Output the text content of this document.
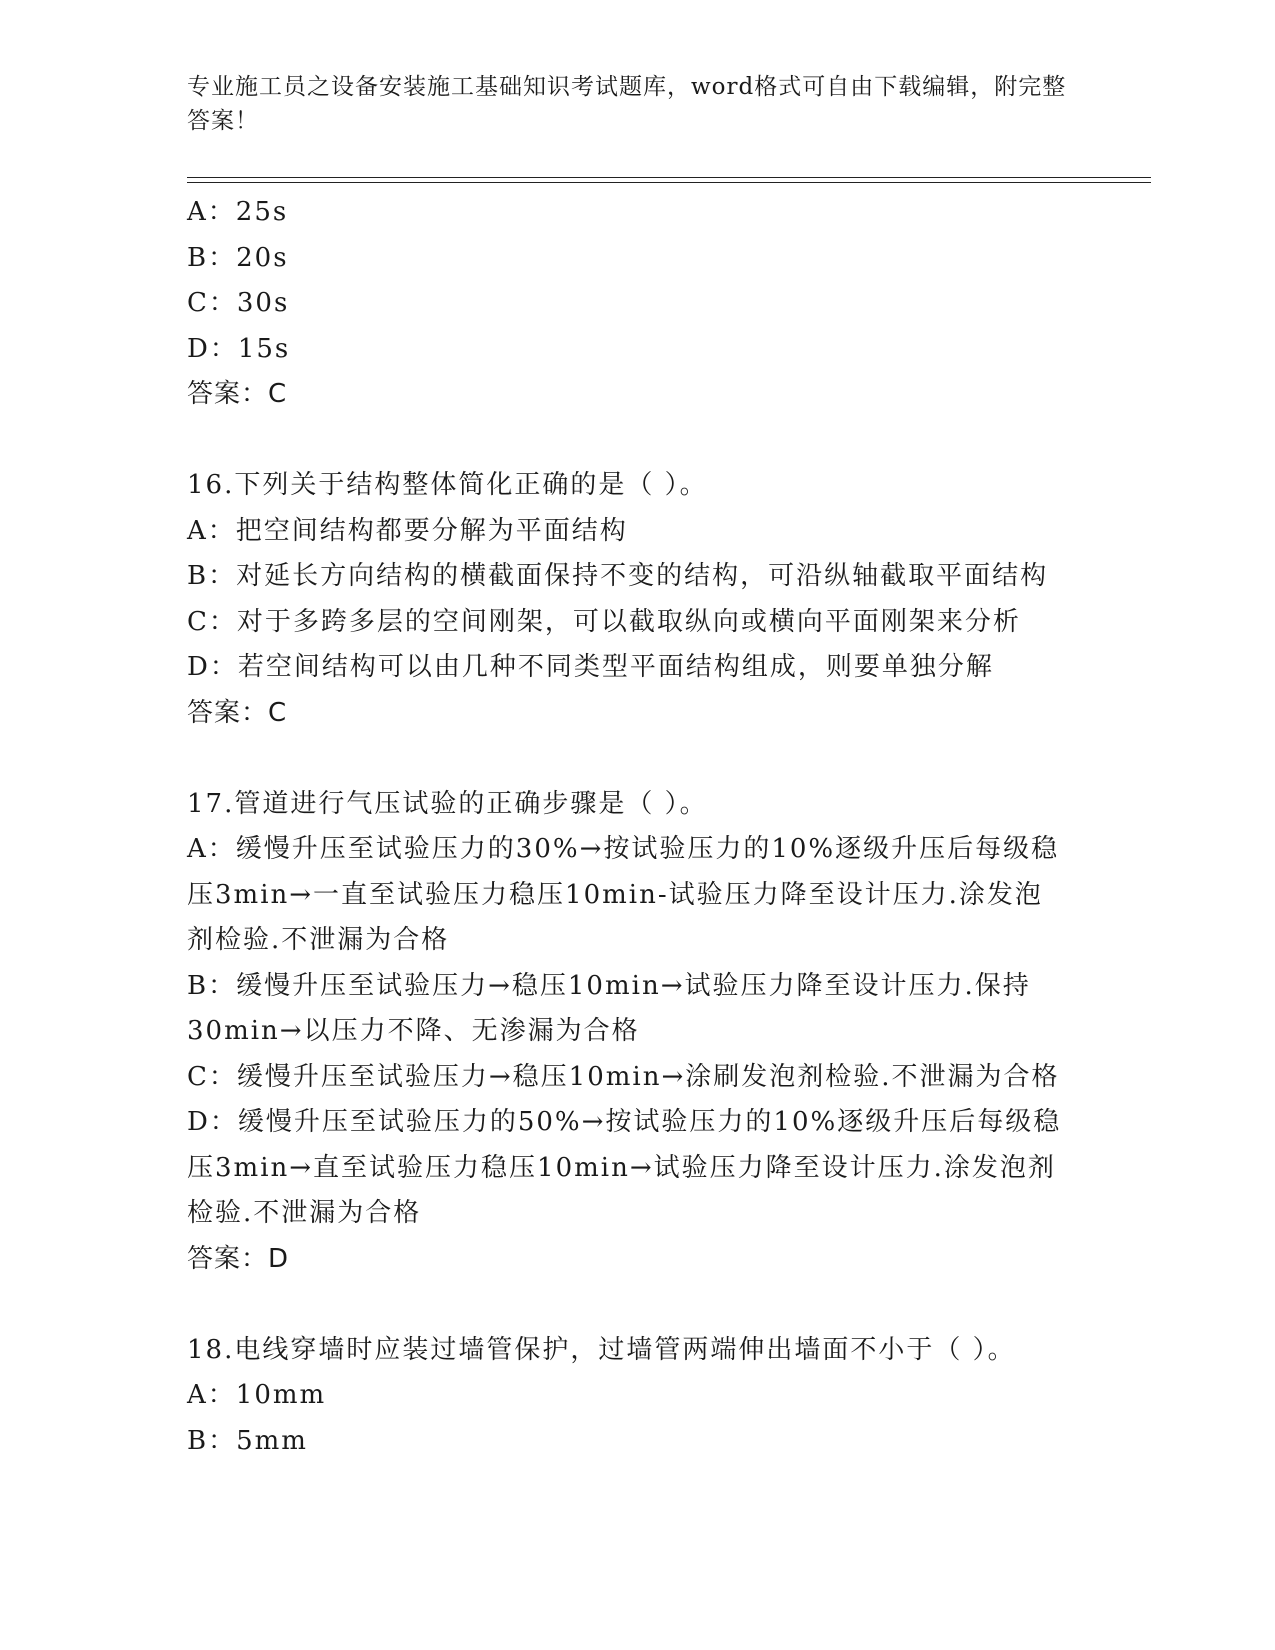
专业施工员之设备安装施工基础知识考试题库，word格式可自由下载编辑，附完整答案！
A：25s
B：20s
C：30s
D：15s
答案：C
16.下列关于结构整体简化正确的是（ ）。
A：把空间结构都要分解为平面结构
B：对延长方向结构的横截面保持不变的结构，可沿纵轴截取平面结构
C：对于多跨多层的空间刚架，可以截取纵向或横向平面刚架来分析
D：若空间结构可以由几种不同类型平面结构组成，则要单独分解
答案：C
17.管道进行气压试验的正确步骤是（ ）。
A：缓慢升压至试验压力的30%→按试验压力的10%逐级升压后每级稳
压3min→一直至试验压力稳压10min-试验压力降至设计压力.涂发泡
剂检验.不泄漏为合格
B：缓慢升压至试验压力→稳压10min→试验压力降至设计压力.保持
30min→以压力不降、无渗漏为合格
C：缓慢升压至试验压力→稳压10min→涂刷发泡剂检验.不泄漏为合格
D：缓慢升压至试验压力的50%→按试验压力的10%逐级升压后每级稳
压3min→直至试验压力稳压10min→试验压力降至设计压力.涂发泡剂
检验.不泄漏为合格
答案：D
18.电线穿墙时应装过墙管保护，过墙管两端伸出墙面不小于（ ）。
A：10mm
B：5mm
